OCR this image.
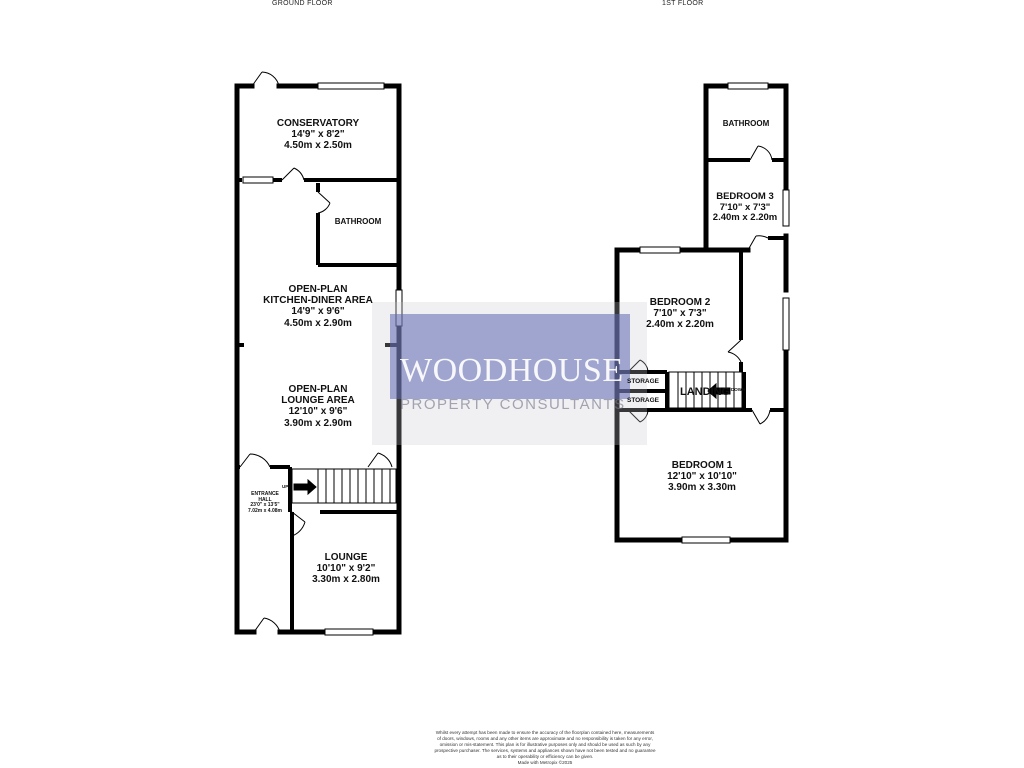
GROUND FLOOR	1ST FLOOR
WOODHOUSE
PROPERTY CONSULTANTS
CONSERVATORY
14'9" x 8'2"
4.50m x 2.50m
BATHROOM
OPEN-PLAN
KITCHEN-DINER AREA
14'9" x 9'6"
4.50m x 2.90m
OPEN-PLAN
LOUNGE AREA
12'10" x 9'6"
3.90m x 2.90m
ENTRANCE
HALL
23'0" x 13'5"
7.02m x 4.08m
UP
LOUNGE
10'10" x 9'2"
3.30m x 2.80m
BATHROOM
BEDROOM 3
7'10" x 7'3"
2.40m x 2.20m
BEDROOM 2
7'10" x 7'3"
2.40m x 2.20m
STORAGE
STORAGE
LANDING DOWN
BEDROOM 1
12'10" x 10'10"
3.90m x 3.30m
Whilst every attempt has been made to ensure the accuracy of the floorplan contained here, measurements
of doors, windows, rooms and any other items are approximate and no responsibility is taken for any error,
omission or mis-statement. This plan is for illustrative purposes only and should be used as such by any
prospective purchaser. The services, systems and appliances shown have not been tested and no guarantee
as to their operability or efficiency can be given.
Made with Metropix ©2025
